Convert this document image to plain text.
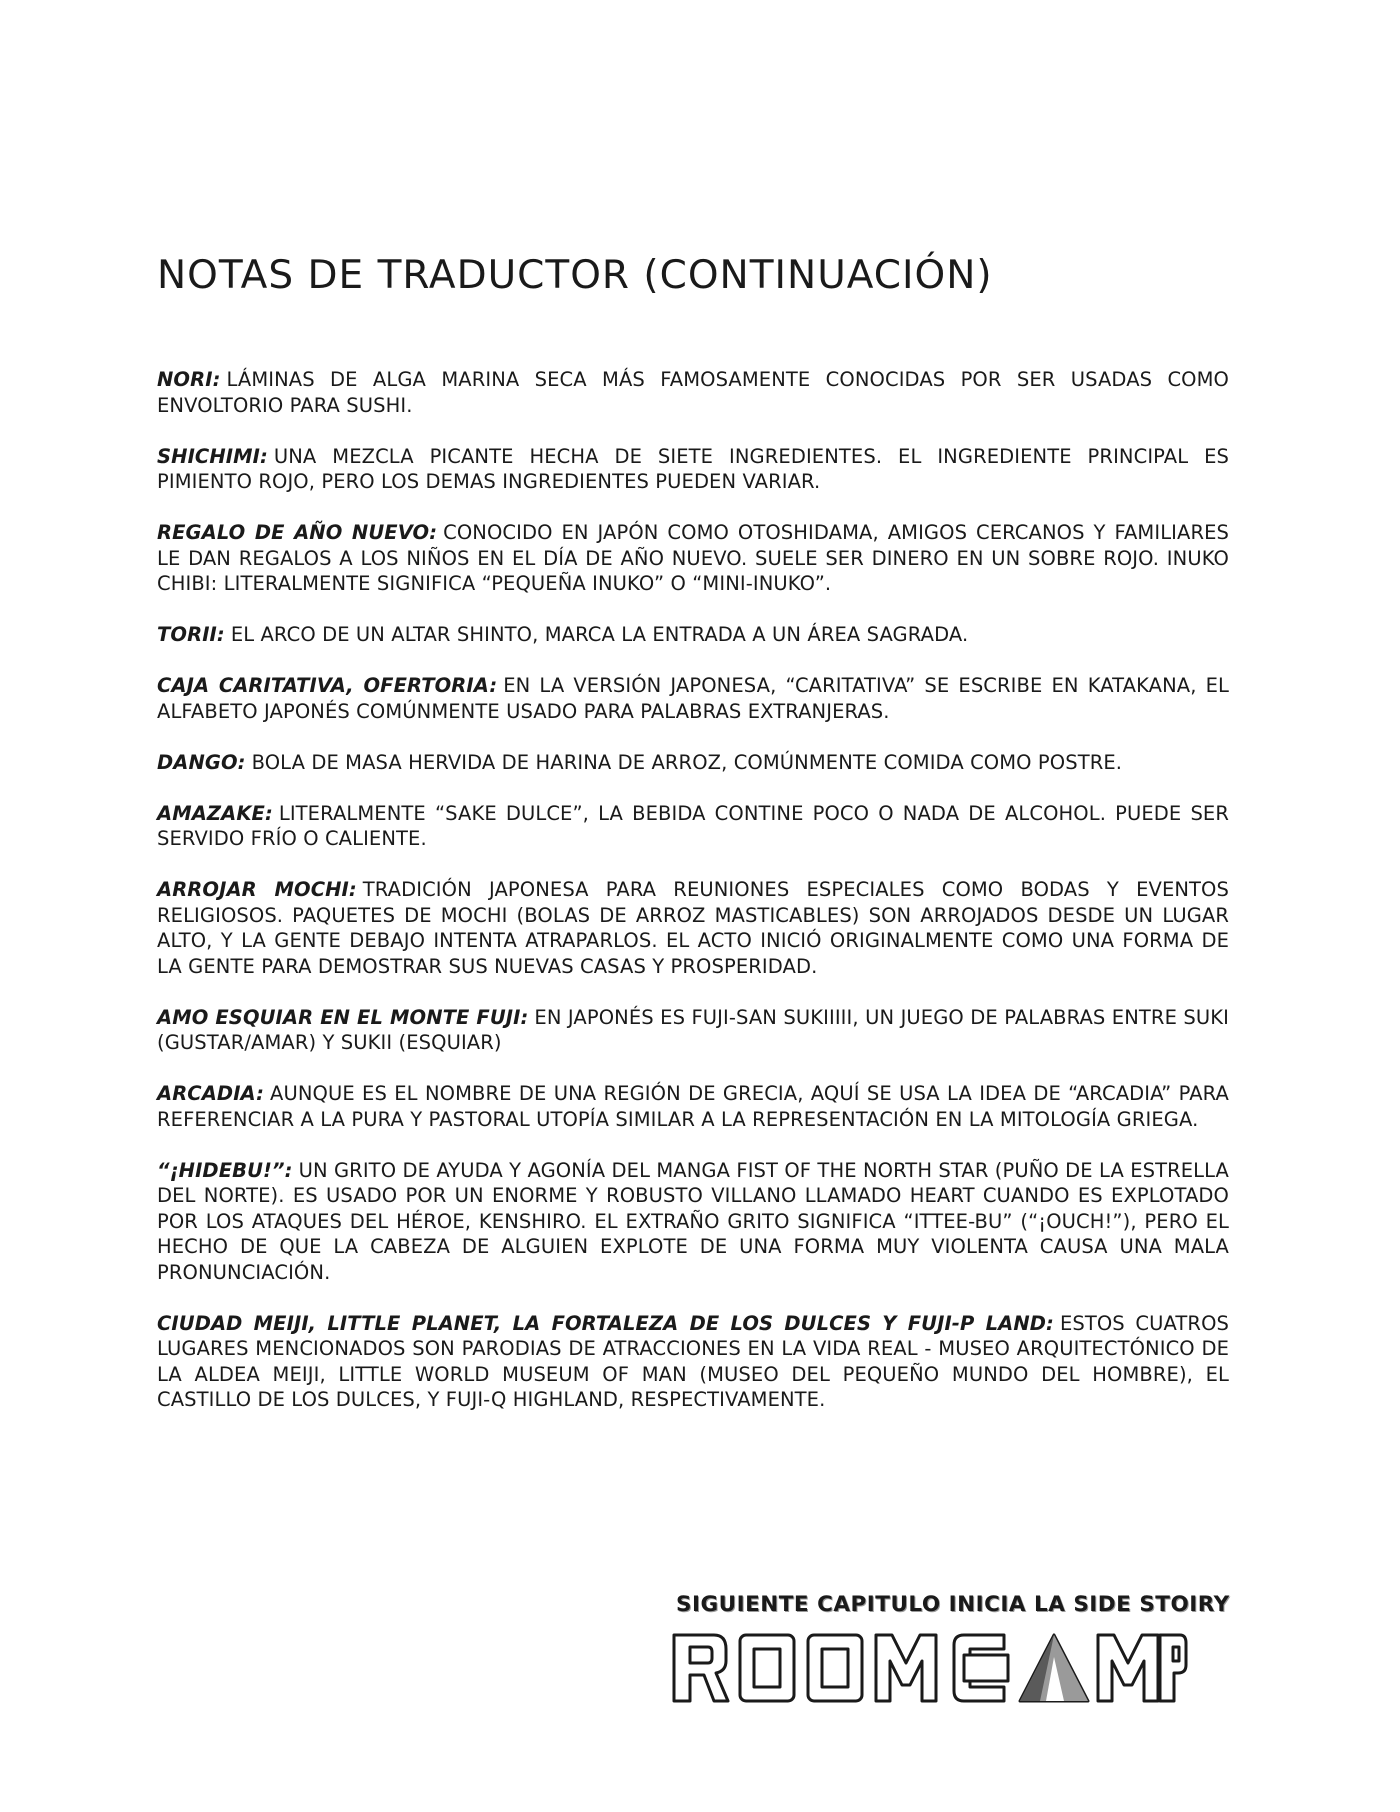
NOTAS DE TRADUCTOR (CONTINUACIÓN)
NORI: LÁMINAS DE ALGA MARINA SECA MÁS FAMOSAMENTE CONOCIDAS POR SER USADAS COMO ENVOLTORIO PARA SUSHI.
SHICHIMI: UNA MEZCLA PICANTE HECHA DE SIETE INGREDIENTES. EL INGREDIENTE PRINCIPAL ES PIMIENTO ROJO, PERO LOS DEMAS INGREDIENTES PUEDEN VARIAR.
REGALO DE AÑO NUEVO: CONOCIDO EN JAPÓN COMO OTOSHIDAMA, AMIGOS CERCANOS Y FAMILIARES LE DAN REGALOS A LOS NIÑOS EN EL DÍA DE AÑO NUEVO. SUELE SER DINERO EN UN SOBRE ROJO. INUKO CHIBI: LITERALMENTE SIGNIFICA “PEQUEÑA INUKO” O “MINI-INUKO”.
TORII: EL ARCO DE UN ALTAR SHINTO, MARCA LA ENTRADA A UN ÁREA SAGRADA.
CAJA CARITATIVA, OFERTORIA: EN LA VERSIÓN JAPONESA, “CARITATIVA” SE ESCRIBE EN KATAKANA, EL ALFABETO JAPONÉS COMÚNMENTE USADO PARA PALABRAS EXTRANJERAS.
DANGO: BOLA DE MASA HERVIDA DE HARINA DE ARROZ, COMÚNMENTE COMIDA COMO POSTRE.
AMAZAKE: LITERALMENTE “SAKE DULCE”, LA BEBIDA CONTINE POCO O NADA DE ALCOHOL. PUEDE SER SERVIDO FRÍO O CALIENTE.
ARROJAR MOCHI: TRADICIÓN JAPONESA PARA REUNIONES ESPECIALES COMO BODAS Y EVENTOS RELIGIOSOS. PAQUETES DE MOCHI (BOLAS DE ARROZ MASTICABLES) SON ARROJADOS DESDE UN LUGAR ALTO, Y LA GENTE DEBAJO INTENTA ATRAPARLOS. EL ACTO INICIÓ ORIGINALMENTE COMO UNA FORMA DE LA GENTE PARA DEMOSTRAR SUS NUEVAS CASAS Y PROSPERIDAD.
AMO ESQUIAR EN EL MONTE FUJI: EN JAPONÉS ES FUJI-SAN SUKIIIII, UN JUEGO DE PALABRAS ENTRE SUKI (GUSTAR/AMAR) Y SUKII (ESQUIAR)
ARCADIA: AUNQUE ES EL NOMBRE DE UNA REGIÓN DE GRECIA, AQUÍ SE USA LA IDEA DE “ARCADIA” PARA REFERENCIAR A LA PURA Y PASTORAL UTOPÍA SIMILAR A LA REPRESENTACIÓN EN LA MITOLOGÍA GRIEGA.
“¡HIDEBU!”: UN GRITO DE AYUDA Y AGONÍA DEL MANGA FIST OF THE NORTH STAR (PUÑO DE LA ESTRELLA DEL NORTE). ES USADO POR UN ENORME Y ROBUSTO VILLANO LLAMADO HEART CUANDO ES EXPLOTADO POR LOS ATAQUES DEL HÉROE, KENSHIRO. EL EXTRAÑO GRITO SIGNIFICA “ITTEE-BU” (“¡OUCH!”), PERO EL HECHO DE QUE LA CABEZA DE ALGUIEN EXPLOTE DE UNA FORMA MUY VIOLENTA CAUSA UNA MALA PRONUNCIACIÓN.
CIUDAD MEIJI, LITTLE PLANET, LA FORTALEZA DE LOS DULCES Y FUJI-P LAND: ESTOS CUATROS LUGARES MENCIONADOS SON PARODIAS DE ATRACCIONES EN LA VIDA REAL - MUSEO ARQUITECTÓNICO DE LA ALDEA MEIJI, LITTLE WORLD MUSEUM OF MAN (MUSEO DEL PEQUEÑO MUNDO DEL HOMBRE), EL CASTILLO DE LOS DULCES, Y FUJI-Q HIGHLAND, RESPECTIVAMENTE.
SIGUIENTE CAPITULO INICIA LA SIDE STOIRY
